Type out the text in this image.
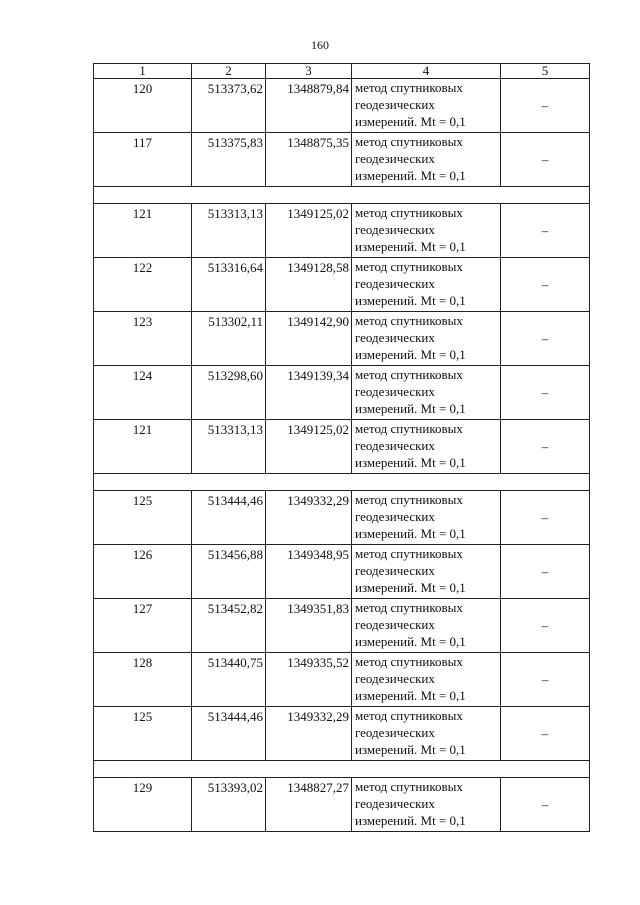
160
1	2	3	4	5
120	513373,62	1348879,84	метод спутниковых геодезических измерений. Mt = 0,1	–
117	513375,83	1348875,35	метод спутниковых геодезических измерений. Mt = 0,1	–

121	513313,13	1349125,02	метод спутниковых геодезических измерений. Mt = 0,1	–
122	513316,64	1349128,58	метод спутниковых геодезических измерений. Mt = 0,1	–
123	513302,11	1349142,90	метод спутниковых геодезических измерений. Mt = 0,1	–
124	513298,60	1349139,34	метод спутниковых геодезических измерений. Mt = 0,1	–
121	513313,13	1349125,02	метод спутниковых геодезических измерений. Mt = 0,1	–

125	513444,46	1349332,29	метод спутниковых геодезических измерений. Mt = 0,1	–
126	513456,88	1349348,95	метод спутниковых геодезических измерений. Mt = 0,1	–
127	513452,82	1349351,83	метод спутниковых геодезических измерений. Mt = 0,1	–
128	513440,75	1349335,52	метод спутниковых геодезических измерений. Mt = 0,1	–
125	513444,46	1349332,29	метод спутниковых геодезических измерений. Mt = 0,1	–

129	513393,02	1348827,27	метод спутниковых геодезических измерений. Mt = 0,1	–
